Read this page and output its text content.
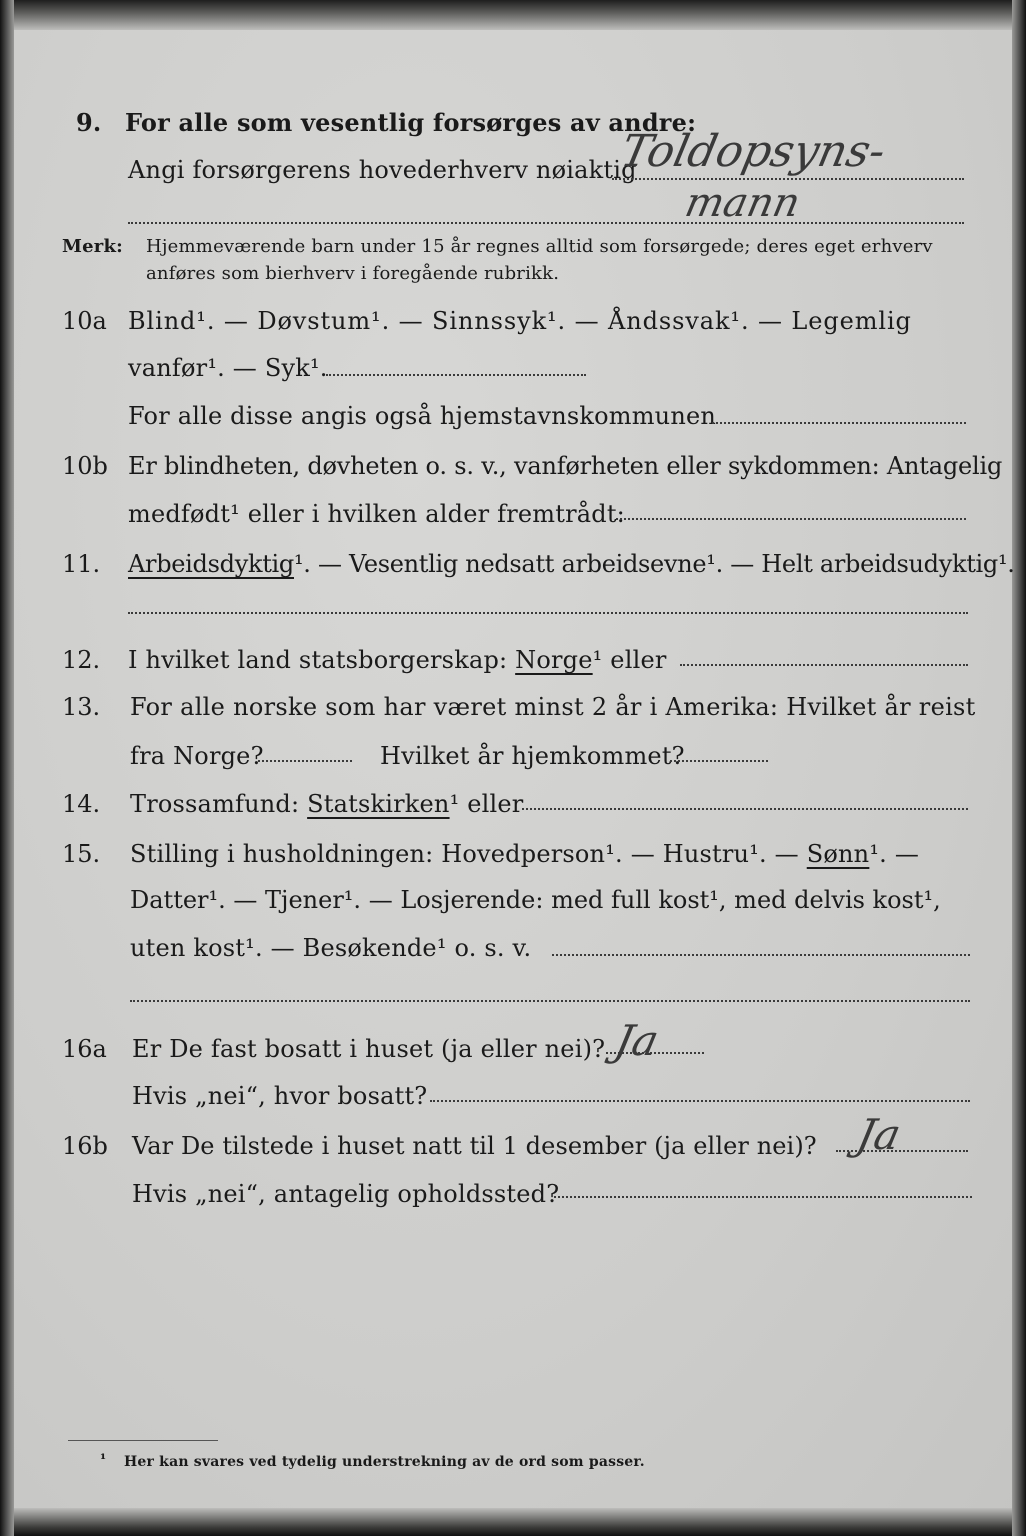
9. For alle som vesentlig forsørges av andre:
Angi forsørgerens hovederhverv nøiaktig
Toldopsyns-
mann
Merk: Hjemmeværende barn under 15 år regnes alltid som forsørgede; deres eget erhverv
anføres som bierhverv i foregående rubrikk.
10a Blind¹. — Døvstum¹. — Sinnssyk¹. — Åndssvak¹. — Legemlig
vanfør¹. — Syk¹.
For alle disse angis også hjemstavnskommunen
10b Er blindheten, døvheten o. s. v., vanførheten eller sykdommen: Antagelig
medfødt¹ eller i hvilken alder fremtrådt:
11. Arbeidsdyktig¹. — Vesentlig nedsatt arbeidsevne¹. — Helt arbeidsudyktig¹.
12. I hvilket land statsborgerskap: Norge¹ eller
13. For alle norske som har været minst 2 år i Amerika: Hvilket år reist
fra Norge?	Hvilket år hjemkommet?
14. Trossamfund: Statskirken¹ eller
15. Stilling i husholdningen: Hovedperson¹. — Hustru¹. — Sønn¹. —
Datter¹. — Tjener¹. — Losjerende: med full kost¹, med delvis kost¹,
uten kost¹. — Besøkende¹ o. s. v.
16a Er De fast bosatt i huset (ja eller nei)? Ja
Hvis „nei“, hvor bosatt?
16b Var De tilstede i huset natt til 1 desember (ja eller nei)? Ja
Hvis „nei“, antagelig opholdssted?
¹ Her kan svares ved tydelig understrekning av de ord som passer.
